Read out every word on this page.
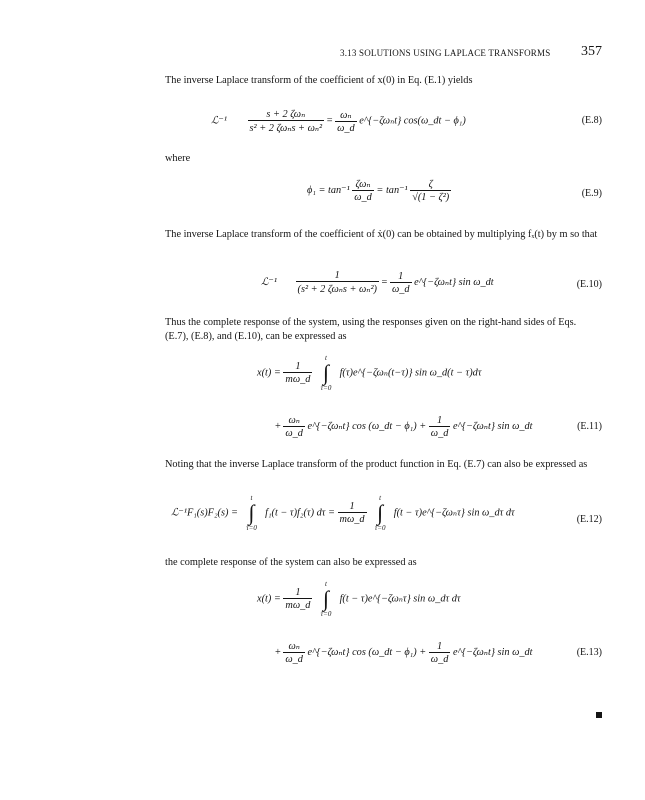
3.13 SOLUTIONS USING LAPLACE TRANSFORMS 357
The inverse Laplace transform of the coefficient of x(0) in Eq. (E.1) yields
ℒ⁻¹ $\frac{\text{s + 2 ζωₙ}}{\text{s² + 2 ζωₙs + ωₙ²}} = \frac{\text{ωₙ}}{\omega\_d}$ e^{−ζωₙt} cos(ω_dt − ϕ₁)	(E.8)
where
$\phi_1 = \tan^{-1} \frac{\text{ζωₙ}}{\omega\_d} = \tan^{-1} \frac{\zeta}{\text{√(1 − ζ²)}}$	(E.9)
The inverse Laplace transform of the coefficient of ẋ(0) can be obtained by multiplying fₓ(t) by m so that
ℒ⁻¹ $\frac{1}{\text{(s² + 2 ζωₙs + ωₙ²)}} = \frac{1}{\omega\_d}$ e^{−ζωₙt} sin ω_dt	(E.10)
Thus the complete response of the system, using the responses given on the right-hand sides of Eqs. (E.7), (E.8), and (E.10), can be expressed as
$x(t) = \frac{1}{m\omega\_d}$

t
∫
τ=0
f(τ)e^{−ζωₙ(t−τ)} sin ω_d(t − τ)dτ
+ $\frac{\text{ωₙ}}{\omega\_d}$ e^{−ζωₙt} cos (ω_dt − $\phi_1) + \frac{1}{\omega\_d}$ e^{−ζωₙt} sin ω_dt	(E.11)
Noting that the inverse Laplace transform of the product function in Eq. (E.7) can also be expressed as
ℒ⁻¹F₁(s)F₂(s) =
t
∫
τ=0
f₁(t − τ)f₂(τ) $d\tau = \frac{1}{m\omega\_d}$

t
∫
τ=0
f(t − τ)e^{−ζωₙτ} sin ω_dτ dτ
(E.12)
the complete response of the system can also be expressed as
$x(t) = \frac{1}{m\omega\_d}$

t
∫
τ=0
f(t − τ)e^{−ζωₙτ} sin ω_dτ dτ
+ $\frac{\text{ωₙ}}{\omega\_d}$ e^{−ζωₙt} cos (ω_dt − $\phi_1) + \frac{1}{\omega\_d}$ e^{−ζωₙt} sin ω_dt	(E.13)
